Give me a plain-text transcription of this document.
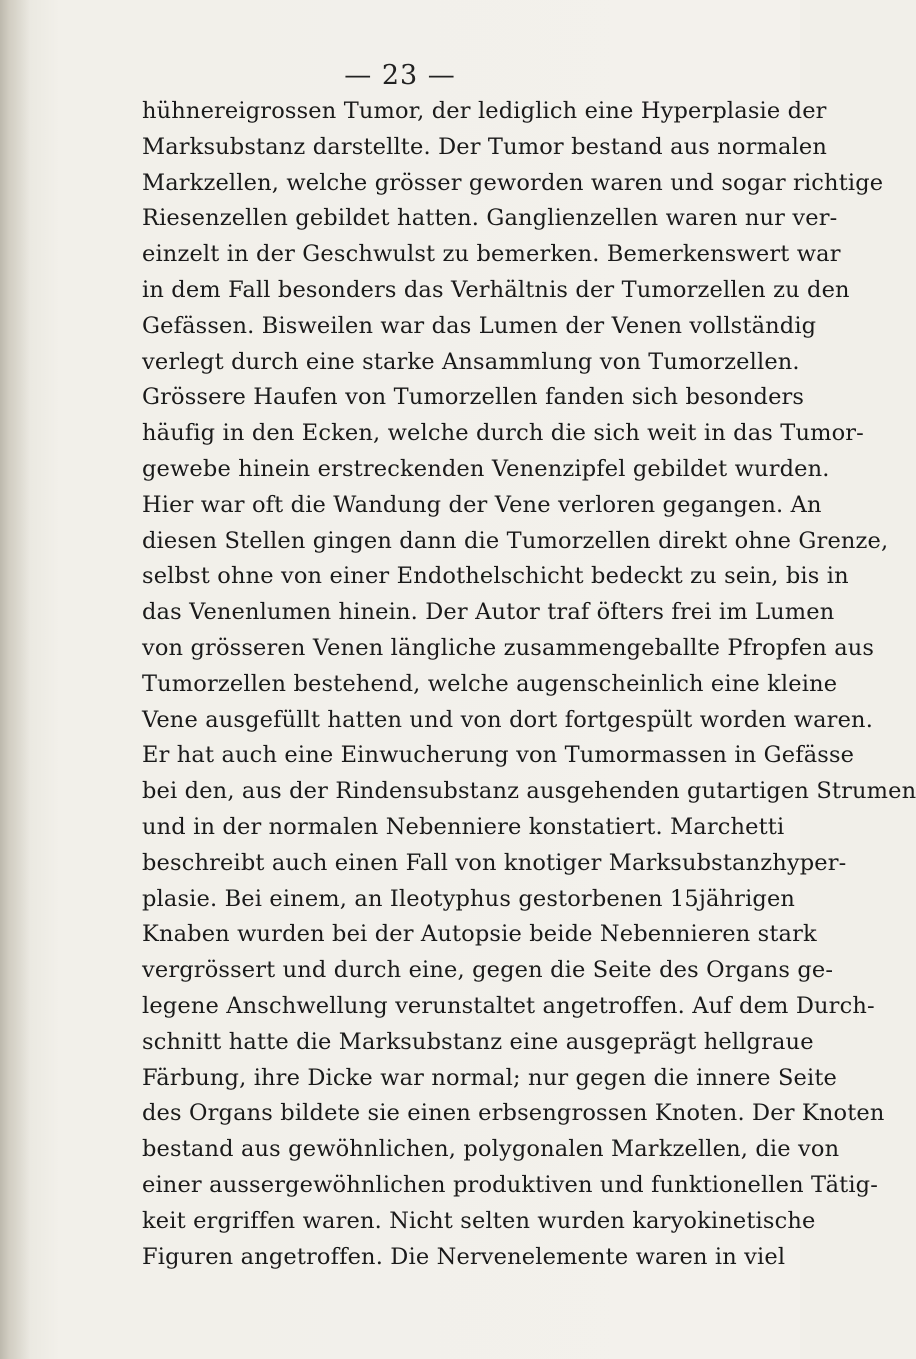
— 23 —
hühnereigrossen Tumor, der lediglich eine Hyperplasie der
Marksubstanz darstellte. Der Tumor bestand aus normalen
Markzellen, welche grösser geworden waren und sogar richtige
Riesenzellen gebildet hatten. Ganglienzellen waren nur ver-
einzelt in der Geschwulst zu bemerken. Bemerkenswert war
in dem Fall besonders das Verhältnis der Tumorzellen zu den
Gefässen. Bisweilen war das Lumen der Venen vollständig
verlegt durch eine starke Ansammlung von Tumorzellen.
Grössere Haufen von Tumorzellen fanden sich besonders
häufig in den Ecken, welche durch die sich weit in das Tumor-
gewebe hinein erstreckenden Venenzipfel gebildet wurden.
Hier war oft die Wandung der Vene verloren gegangen. An
diesen Stellen gingen dann die Tumorzellen direkt ohne Grenze,
selbst ohne von einer Endothelschicht bedeckt zu sein, bis in
das Venenlumen hinein. Der Autor traf öfters frei im Lumen
von grösseren Venen längliche zusammengeballte Pfropfen aus
Tumorzellen bestehend, welche augenscheinlich eine kleine
Vene ausgefüllt hatten und von dort fortgespült worden waren.
Er hat auch eine Einwucherung von Tumormassen in Gefässe
bei den, aus der Rindensubstanz ausgehenden gutartigen Strumen
und in der normalen Nebenniere konstatiert. Marchetti
beschreibt auch einen Fall von knotiger Marksubstanzhyper-
plasie. Bei einem, an Ileotyphus gestorbenen 15jährigen
Knaben wurden bei der Autopsie beide Nebennieren stark
vergrössert und durch eine, gegen die Seite des Organs ge-
legene Anschwellung verunstaltet angetroffen. Auf dem Durch-
schnitt hatte die Marksubstanz eine ausgeprägt hellgraue
Färbung, ihre Dicke war normal; nur gegen die innere Seite
des Organs bildete sie einen erbsengrossen Knoten. Der Knoten
bestand aus gewöhnlichen, polygonalen Markzellen, die von
einer aussergewöhnlichen produktiven und funktionellen Tätig-
keit ergriffen waren. Nicht selten wurden karyokinetische
Figuren angetroffen. Die Nervenelemente waren in viel
